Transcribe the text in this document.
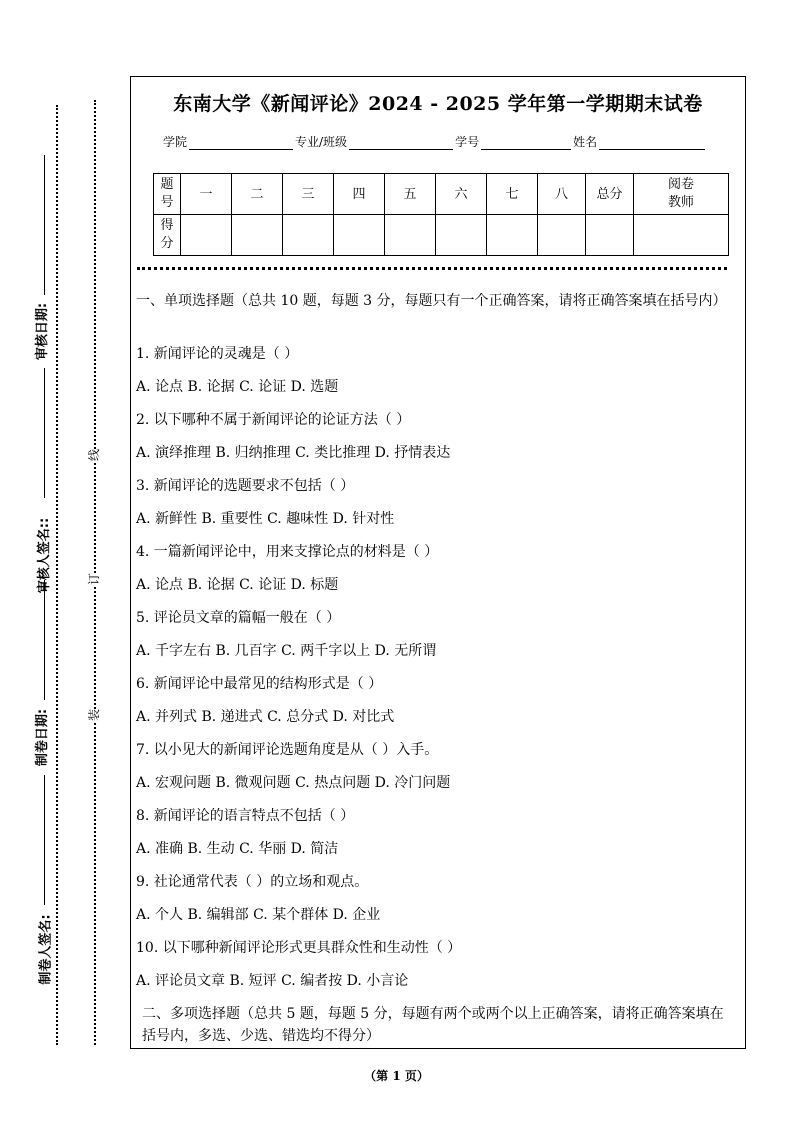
审核日期:
审核人签名::
制卷日期:
制卷人签名:
线
订
装
东南大学《新闻评论》2024 - 2025 学年第一学期期末试卷
学院	专业/班级	学号	姓名
题号	一	二	三	四	五	六	七	八	总分	阅卷教师
得分										
一、单项选择题（总共 10 题，每题 3 分，每题只有一个正确答案，请将正确答案填在括号内）
1. 新闻评论的灵魂是（ ）
A. 论点 B. 论据 C. 论证 D. 选题
2. 以下哪种不属于新闻评论的论证方法（ ）
A. 演绎推理 B. 归纳推理 C. 类比推理 D. 抒情表达
3. 新闻评论的选题要求不包括（ ）
A. 新鲜性 B. 重要性 C. 趣味性 D. 针对性
4. 一篇新闻评论中，用来支撑论点的材料是（ ）
A. 论点 B. 论据 C. 论证 D. 标题
5. 评论员文章的篇幅一般在（ ）
A. 千字左右 B. 几百字 C. 两千字以上 D. 无所谓
6. 新闻评论中最常见的结构形式是（ ）
A. 并列式 B. 递进式 C. 总分式 D. 对比式
7. 以小见大的新闻评论选题角度是从（ ）入手。
A. 宏观问题 B. 微观问题 C. 热点问题 D. 冷门问题
8. 新闻评论的语言特点不包括（ ）
A. 准确 B. 生动 C. 华丽 D. 简洁
9. 社论通常代表（ ）的立场和观点。
A. 个人 B. 编辑部 C. 某个群体 D. 企业
10. 以下哪种新闻评论形式更具群众性和生动性（ ）
A. 评论员文章 B. 短评 C. 编者按 D. 小言论
二、多项选择题（总共 5 题，每题 5 分，每题有两个或两个以上正确答案，请将正确答案填在括号内，多选、少选、错选均不得分）
（第 1 页）
